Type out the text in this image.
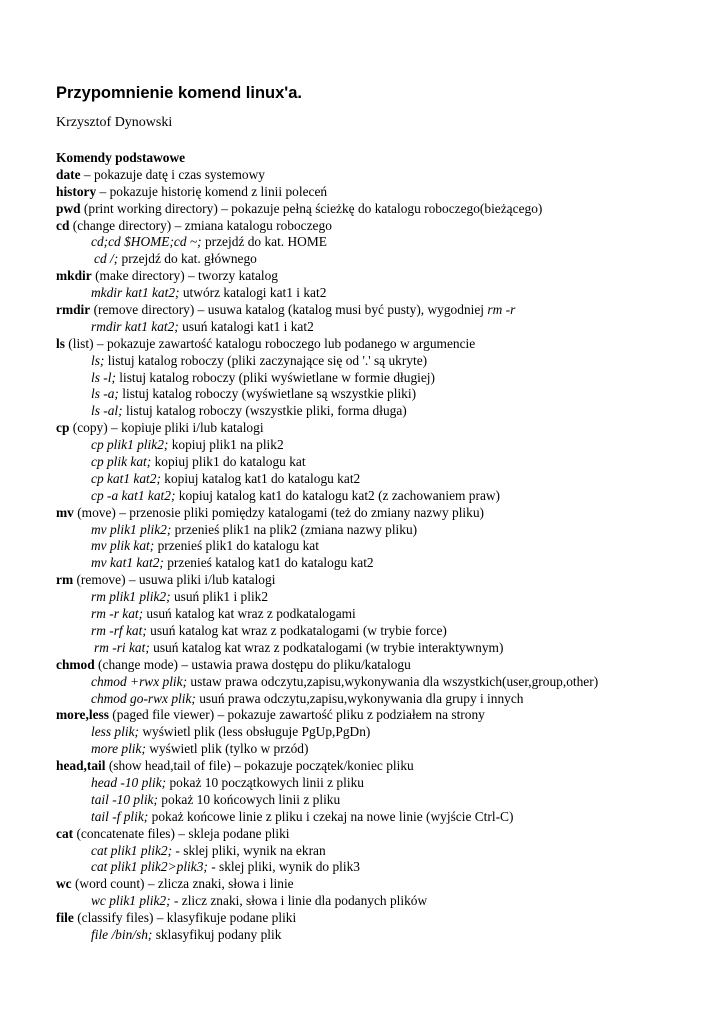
Przypomnienie komend linux'a.
Krzysztof Dynowski
Komendy podstawowe
date – pokazuje datę i czas systemowy
history – pokazuje historię komend z linii poleceń
pwd (print working directory) – pokazuje pełną ścieżkę do katalogu roboczego(bieżącego)
cd (change directory) – zmiana katalogu roboczego
cd;cd $HOME;cd ~; przejdź do kat. HOME
cd /; przejdź do kat. głównego
mkdir (make directory) – tworzy katalog
mkdir kat1 kat2; utwórz katalogi kat1 i kat2
rmdir (remove directory) – usuwa katalog (katalog musi być pusty), wygodniej rm -r
rmdir kat1 kat2; usuń katalogi kat1 i kat2
ls (list) – pokazuje zawartość katalogu roboczego lub podanego w argumencie
ls; listuj katalog roboczy (pliki zaczynające się od '.' są ukryte)
ls -l; listuj katalog roboczy (pliki wyświetlane w formie długiej)
ls -a; listuj katalog roboczy (wyświetlane są wszystkie pliki)
ls -al; listuj katalog roboczy (wszystkie pliki, forma długa)
cp (copy) – kopiuje pliki i/lub katalogi
cp plik1 plik2; kopiuj plik1 na plik2
cp plik kat; kopiuj plik1 do katalogu kat
cp kat1 kat2; kopiuj katalog kat1 do katalogu kat2
cp -a kat1 kat2; kopiuj katalog kat1 do katalogu kat2 (z zachowaniem praw)
mv (move) – przenosie pliki pomiędzy katalogami (też do zmiany nazwy pliku)
mv plik1 plik2; przenieś plik1 na plik2 (zmiana nazwy pliku)
mv plik kat; przenieś plik1 do katalogu kat
mv kat1 kat2; przenieś katalog kat1 do katalogu kat2
rm (remove) – usuwa pliki i/lub katalogi
rm plik1 plik2; usuń plik1 i plik2
rm -r kat; usuń katalog kat wraz z podkatalogami
rm -rf kat; usuń katalog kat wraz z podkatalogami (w trybie force)
rm -ri kat; usuń katalog kat wraz z podkatalogami (w trybie interaktywnym)
chmod (change mode) – ustawia prawa dostępu do pliku/katalogu
chmod +rwx plik; ustaw prawa odczytu,zapisu,wykonywania dla wszystkich(user,group,other)
chmod go-rwx plik; usuń prawa odczytu,zapisu,wykonywania dla grupy i innych
more,less (paged file viewer) – pokazuje zawartość pliku z podziałem na strony
less plik; wyświetl plik (less obsługuje PgUp,PgDn)
more plik; wyświetl plik (tylko w przód)
head,tail (show head,tail of file) – pokazuje początek/koniec pliku
head -10 plik; pokaż 10 początkowych linii z pliku
tail -10 plik; pokaż 10 końcowych linii z pliku
tail -f plik; pokaż końcowe linie z pliku i czekaj na nowe linie (wyjście Ctrl-C)
cat (concatenate files) – skleja podane pliki
cat plik1 plik2; - sklej pliki, wynik na ekran
cat plik1 plik2>plik3; - sklej pliki, wynik do plik3
wc (word count) – zlicza znaki, słowa i linie
wc plik1 plik2; - zlicz znaki, słowa i linie dla podanych plików
file (classify files) – klasyfikuje podane pliki
file /bin/sh; sklasyfikuj podany plik
